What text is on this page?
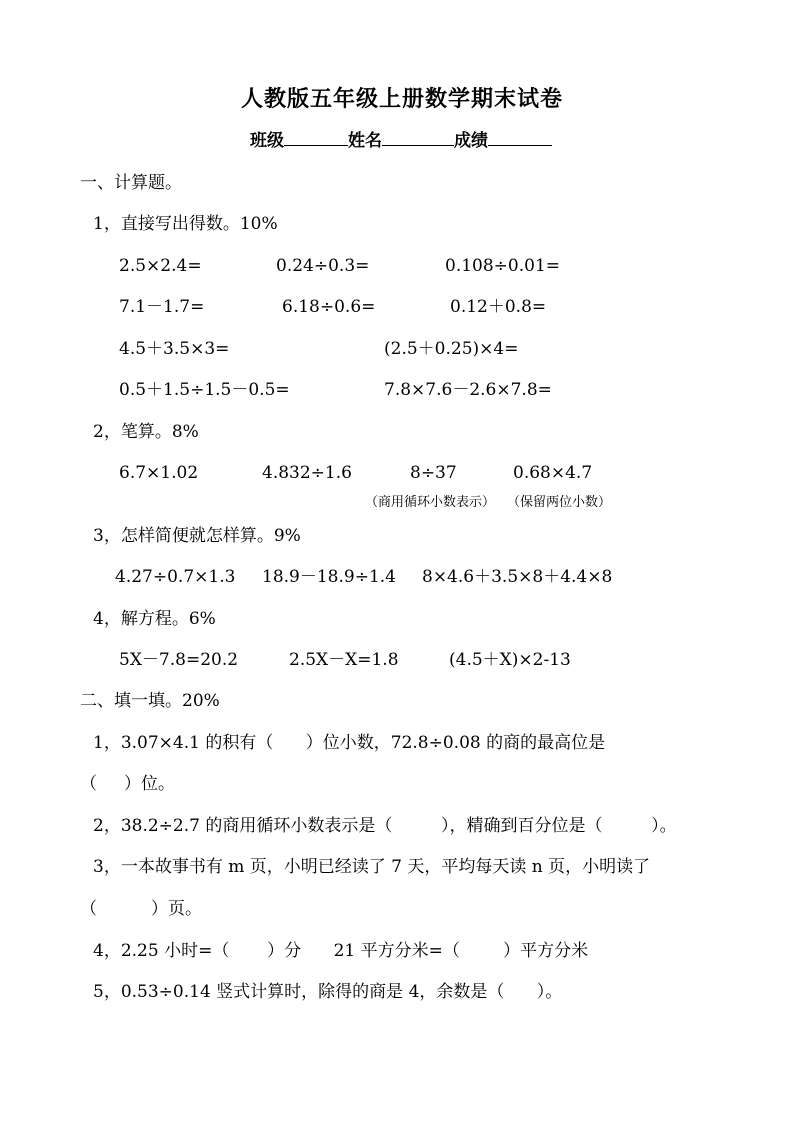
人教版五年级上册数学期末试卷
班级	姓名	成绩
一、计算题。
1，直接写出得数。10%
2.5×2.4=	0.24÷0.3=	0.108÷0.01=
7.1－1.7=	6.18÷0.6=	0.12＋0.8=
4.5＋3.5×3=	(2.5＋0.25)×4=
0.5＋1.5÷1.5－0.5=	7.8×7.6－2.6×7.8=
2，笔算。8%
6.7×1.02	4.832÷1.6	8÷37	0.68×4.7
（商用循环小数表示） （保留两位小数）
3，怎样简便就怎样算。9%
4.27÷0.7×1.3 18.9－18.9÷1.4 8×4.6＋3.5×8＋4.4×8
4，解方程。6%
5X－7.8=20.2	2.5X－X=1.8	(4.5＋X)×2-13
二、填一填。20%
1，3.07×4.1 的积有（      ）位小数，72.8÷0.08 的商的最高位是
（     ）位。
2，38.2÷2.7 的商用循环小数表示是（         ），精确到百分位是（         ）。
3，一本故事书有 m 页，小明已经读了 7 天，平均每天读 n 页，小明读了
（          ）页。
4，2.25 小时=（       ）分      21 平方分米=（        ）平方分米
5，0.53÷0.14 竖式计算时，除得的商是 4，余数是（      ）。
